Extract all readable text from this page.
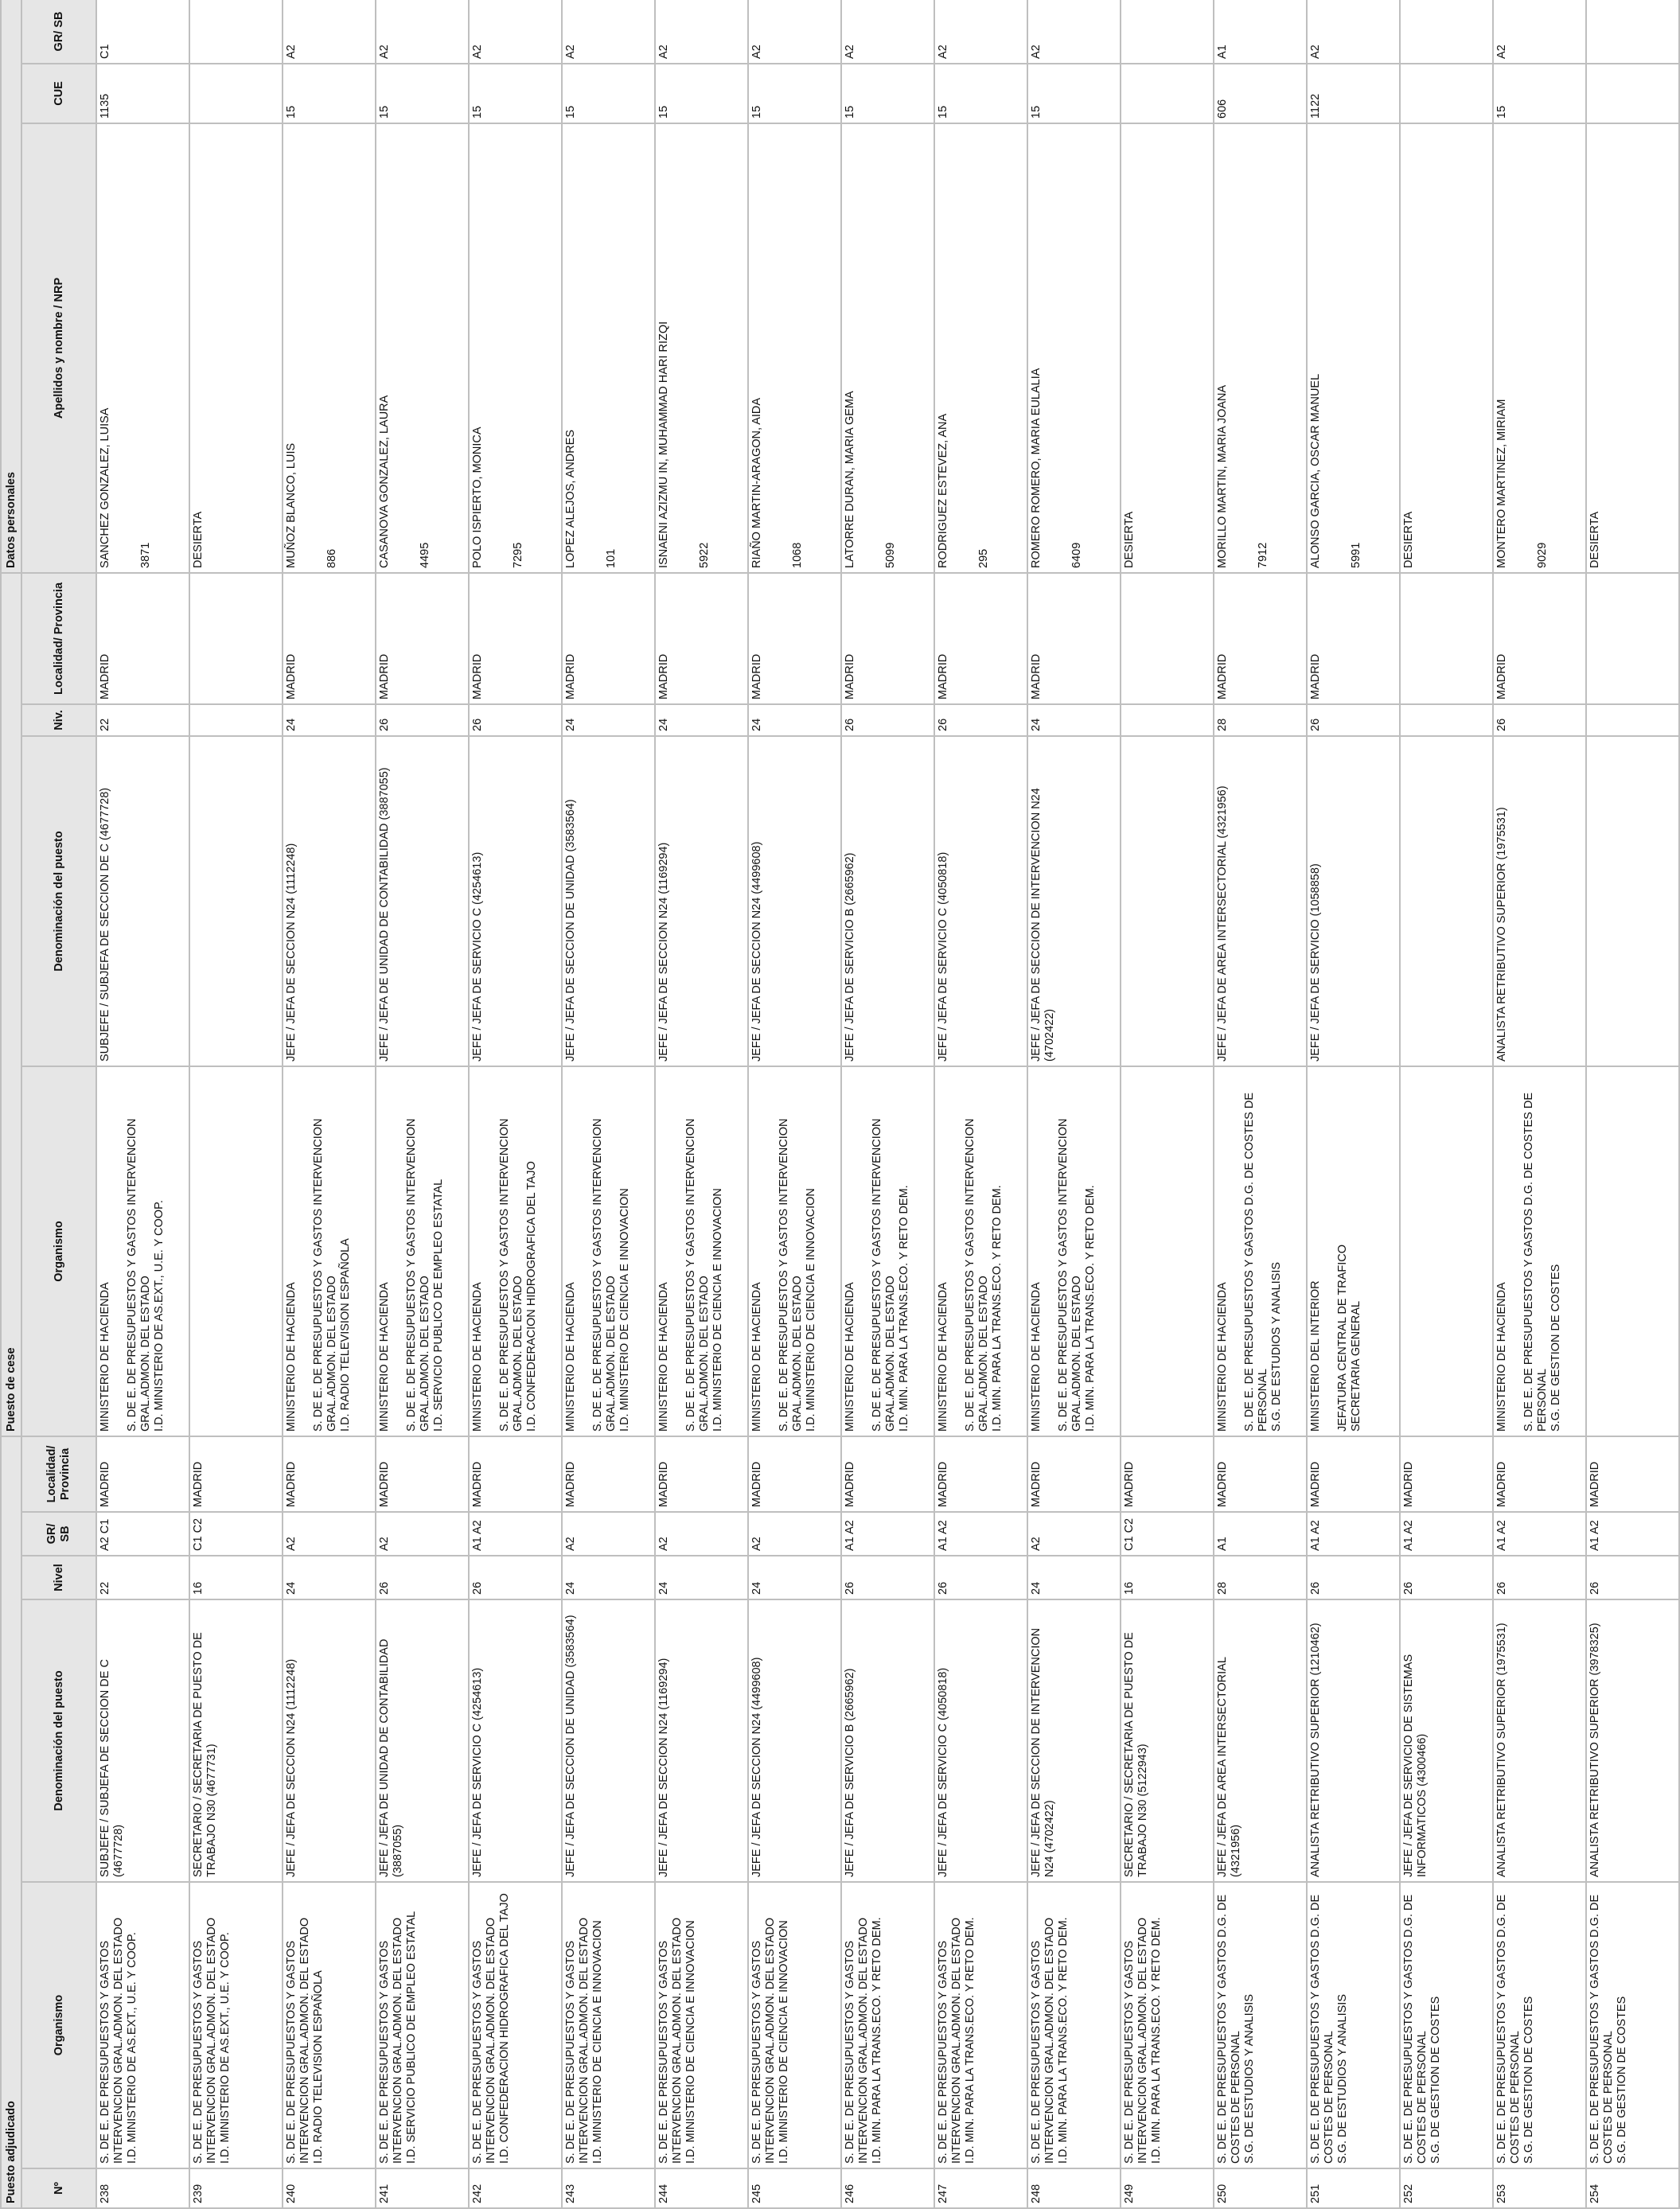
Puesto adjudicado						Puesto de cese				Datos personales		
Nº	Organismo	Denominación del puesto	Nivel	GR/ SB	Localidad/ Provincia	Organismo	Denominación del puesto	Niv.	Localidad/ Provincia	Apellidos y nombre / NRP	CUE	GR/ SB
238	S. DE E. DE PRESUPUESTOS Y GASTOS INTERVENCION GRAL.ADMON. DEL ESTADO I.D. MINISTERIO DE AS.EXT., U.E. Y COOP.	SUBJEFE / SUBJEFA DE SECCION DE C (4677728)	22	A2 C1	MADRID	MINISTERIO DE HACIENDA S. DE E. DE PRESUPUESTOS Y GASTOS INTERVENCION GRAL.ADMON. DEL ESTADO I.D. MINISTERIO DE AS.EXT., U.E. Y COOP.	SUBJEFE / SUBJEFA DE SECCION DE C (4677728)	22	MADRID	SANCHEZ GONZALEZ, LUISA 3871	1135	C1
239	S. DE E. DE PRESUPUESTOS Y GASTOS INTERVENCION GRAL.ADMON. DEL ESTADO I.D. MINISTERIO DE AS.EXT., U.E. Y COOP.	SECRETARIO / SECRETARIA DE PUESTO DE TRABAJO N30 (4677731)	16	C1 C2	MADRID					DESIERTA		

240	S. DE E. DE PRESUPUESTOS Y GASTOS INTERVENCION GRAL.ADMON. DEL ESTADO I.D. RADIO TELEVISION ESPAÑOLA	JEFE / JEFA DE SECCION N24 (1112248)	24	A2	MADRID	MINISTERIO DE HACIENDA S. DE E. DE PRESUPUESTOS Y GASTOS INTERVENCION GRAL.ADMON. DEL ESTADO I.D. RADIO TELEVISION ESPAÑOLA	JEFE / JEFA DE SECCION N24 (1112248)	24	MADRID	MUÑOZ BLANCO, LUIS 886	15	A2
241	S. DE E. DE PRESUPUESTOS Y GASTOS INTERVENCION GRAL.ADMON. DEL ESTADO I.D. SERVICIO PUBLICO DE EMPLEO ESTATAL	JEFE / JEFA DE UNIDAD DE CONTABILIDAD (3887055)	26	A2	MADRID	MINISTERIO DE HACIENDA S. DE E. DE PRESUPUESTOS Y GASTOS INTERVENCION GRAL.ADMON. DEL ESTADO I.D. SERVICIO PUBLICO DE EMPLEO ESTATAL	JEFE / JEFA DE UNIDAD DE CONTABILIDAD (3887055)	26	MADRID	CASANOVA GONZALEZ, LAURA 4495	15	A2
242	S. DE E. DE PRESUPUESTOS Y GASTOS INTERVENCION GRAL.ADMON. DEL ESTADO I.D. CONFEDERACION HIDROGRAFICA DEL TAJO	JEFE / JEFA DE SERVICIO C (4254613)	26	A1 A2	MADRID	MINISTERIO DE HACIENDA S. DE E. DE PRESUPUESTOS Y GASTOS INTERVENCION GRAL.ADMON. DEL ESTADO I.D. CONFEDERACION HIDROGRAFICA DEL TAJO	JEFE / JEFA DE SERVICIO C (4254613)	26	MADRID	POLO ISPIERTO, MONICA 7295	15	A2
243	S. DE E. DE PRESUPUESTOS Y GASTOS INTERVENCION GRAL.ADMON. DEL ESTADO I.D. MINISTERIO DE CIENCIA E INNOVACION	JEFE / JEFA DE SECCION DE UNIDAD (3583564)	24	A2	MADRID	MINISTERIO DE HACIENDA S. DE E. DE PRESUPUESTOS Y GASTOS INTERVENCION GRAL.ADMON. DEL ESTADO I.D. MINISTERIO DE CIENCIA E INNOVACION	JEFE / JEFA DE SECCION DE UNIDAD (3583564)	24	MADRID	LOPEZ ALEJOS, ANDRES 101	15	A2
244	S. DE E. DE PRESUPUESTOS Y GASTOS INTERVENCION GRAL.ADMON. DEL ESTADO I.D. MINISTERIO DE CIENCIA E INNOVACION	JEFE / JEFA DE SECCION N24 (1169294)	24	A2	MADRID	MINISTERIO DE HACIENDA S. DE E. DE PRESUPUESTOS Y GASTOS INTERVENCION GRAL.ADMON. DEL ESTADO I.D. MINISTERIO DE CIENCIA E INNOVACION	JEFE / JEFA DE SECCION N24 (1169294)	24	MADRID	ISNAENI AZIZMU IN, MUHAMMAD HARI RIZQI 5922	15	A2
245	S. DE E. DE PRESUPUESTOS Y GASTOS INTERVENCION GRAL.ADMON. DEL ESTADO I.D. MINISTERIO DE CIENCIA E INNOVACION	JEFE / JEFA DE SECCION N24 (4499608)	24	A2	MADRID	MINISTERIO DE HACIENDA S. DE E. DE PRESUPUESTOS Y GASTOS INTERVENCION GRAL.ADMON. DEL ESTADO I.D. MINISTERIO DE CIENCIA E INNOVACION	JEFE / JEFA DE SECCION N24 (4499608)	24	MADRID	RIAÑO MARTIN-ARAGON, AIDA 1068	15	A2
246	S. DE E. DE PRESUPUESTOS Y GASTOS INTERVENCION GRAL.ADMON. DEL ESTADO I.D. MIN. PARA LA TRANS.ECO. Y RETO DEM.	JEFE / JEFA DE SERVICIO B (2665962)	26	A1 A2	MADRID	MINISTERIO DE HACIENDA S. DE E. DE PRESUPUESTOS Y GASTOS INTERVENCION GRAL.ADMON. DEL ESTADO I.D. MIN. PARA LA TRANS.ECO. Y RETO DEM.	JEFE / JEFA DE SERVICIO B (2665962)	26	MADRID	LATORRE DURAN, MARIA GEMA 5099	15	A2
247	S. DE E. DE PRESUPUESTOS Y GASTOS INTERVENCION GRAL.ADMON. DEL ESTADO I.D. MIN. PARA LA TRANS.ECO. Y RETO DEM.	JEFE / JEFA DE SERVICIO C (4050818)	26	A1 A2	MADRID	MINISTERIO DE HACIENDA S. DE E. DE PRESUPUESTOS Y GASTOS INTERVENCION GRAL.ADMON. DEL ESTADO I.D. MIN. PARA LA TRANS.ECO. Y RETO DEM.	JEFE / JEFA DE SERVICIO C (4050818)	26	MADRID	RODRIGUEZ ESTEVEZ, ANA 295	15	A2
248	S. DE E. DE PRESUPUESTOS Y GASTOS INTERVENCION GRAL.ADMON. DEL ESTADO I.D. MIN. PARA LA TRANS.ECO. Y RETO DEM.	JEFE / JEFA DE SECCION DE INTERVENCION N24 (4702422)	24	A2	MADRID	MINISTERIO DE HACIENDA S. DE E. DE PRESUPUESTOS Y GASTOS INTERVENCION GRAL.ADMON. DEL ESTADO I.D. MIN. PARA LA TRANS.ECO. Y RETO DEM.	JEFE / JEFA DE SECCION DE INTERVENCION N24 (4702422)	24	MADRID	ROMERO ROMERO, MARIA EULALIA 6409	15	A2
249	S. DE E. DE PRESUPUESTOS Y GASTOS INTERVENCION GRAL.ADMON. DEL ESTADO I.D. MIN. PARA LA TRANS.ECO. Y RETO DEM.	SECRETARIO / SECRETARIA DE PUESTO DE TRABAJO N30 (5122943)	16	C1 C2	MADRID					DESIERTA		

250	S. DE E. DE PRESUPUESTOS Y GASTOS D.G. DE COSTES DE PERSONAL S.G. DE ESTUDIOS Y ANALISIS	JEFE / JEFA DE AREA INTERSECTORIAL (4321956)	28	A1	MADRID	MINISTERIO DE HACIENDA S. DE E. DE PRESUPUESTOS Y GASTOS D.G. DE COSTES DE PERSONAL S.G. DE ESTUDIOS Y ANALISIS	JEFE / JEFA DE AREA INTERSECTORIAL (4321956)	28	MADRID	MORILLO MARTIN, MARIA JOANA 7912	606	A1
251	S. DE E. DE PRESUPUESTOS Y GASTOS D.G. DE COSTES DE PERSONAL S.G. DE ESTUDIOS Y ANALISIS	ANALISTA RETRIBUTIVO SUPERIOR (1210462)	26	A1 A2	MADRID	MINISTERIO DEL INTERIOR JEFATURA CENTRAL DE TRAFICO SECRETARIA GENERAL	JEFE / JEFA DE SERVICIO (1058858)	26	MADRID	ALONSO GARCIA, OSCAR MANUEL 5991	1122	A2
252	S. DE E. DE PRESUPUESTOS Y GASTOS D.G. DE COSTES DE PERSONAL S.G. DE GESTION DE COSTES	JEFE / JEFA DE SERVICIO DE SISTEMAS INFORMATICOS (4300466)	26	A1 A2	MADRID					DESIERTA		

253	S. DE E. DE PRESUPUESTOS Y GASTOS D.G. DE COSTES DE PERSONAL S.G. DE GESTION DE COSTES	ANALISTA RETRIBUTIVO SUPERIOR (1975531)	26	A1 A2	MADRID	MINISTERIO DE HACIENDA S. DE E. DE PRESUPUESTOS Y GASTOS D.G. DE COSTES DE PERSONAL S.G. DE GESTION DE COSTES	ANALISTA RETRIBUTIVO SUPERIOR (1975531)	26	MADRID	MONTERO MARTINEZ, MIRIAM 9029	15	A2
254	S. DE E. DE PRESUPUESTOS Y GASTOS D.G. DE COSTES DE PERSONAL S.G. DE GESTION DE COSTES	ANALISTA RETRIBUTIVO SUPERIOR (3978325)	26	A1 A2	MADRID					DESIERTA		
